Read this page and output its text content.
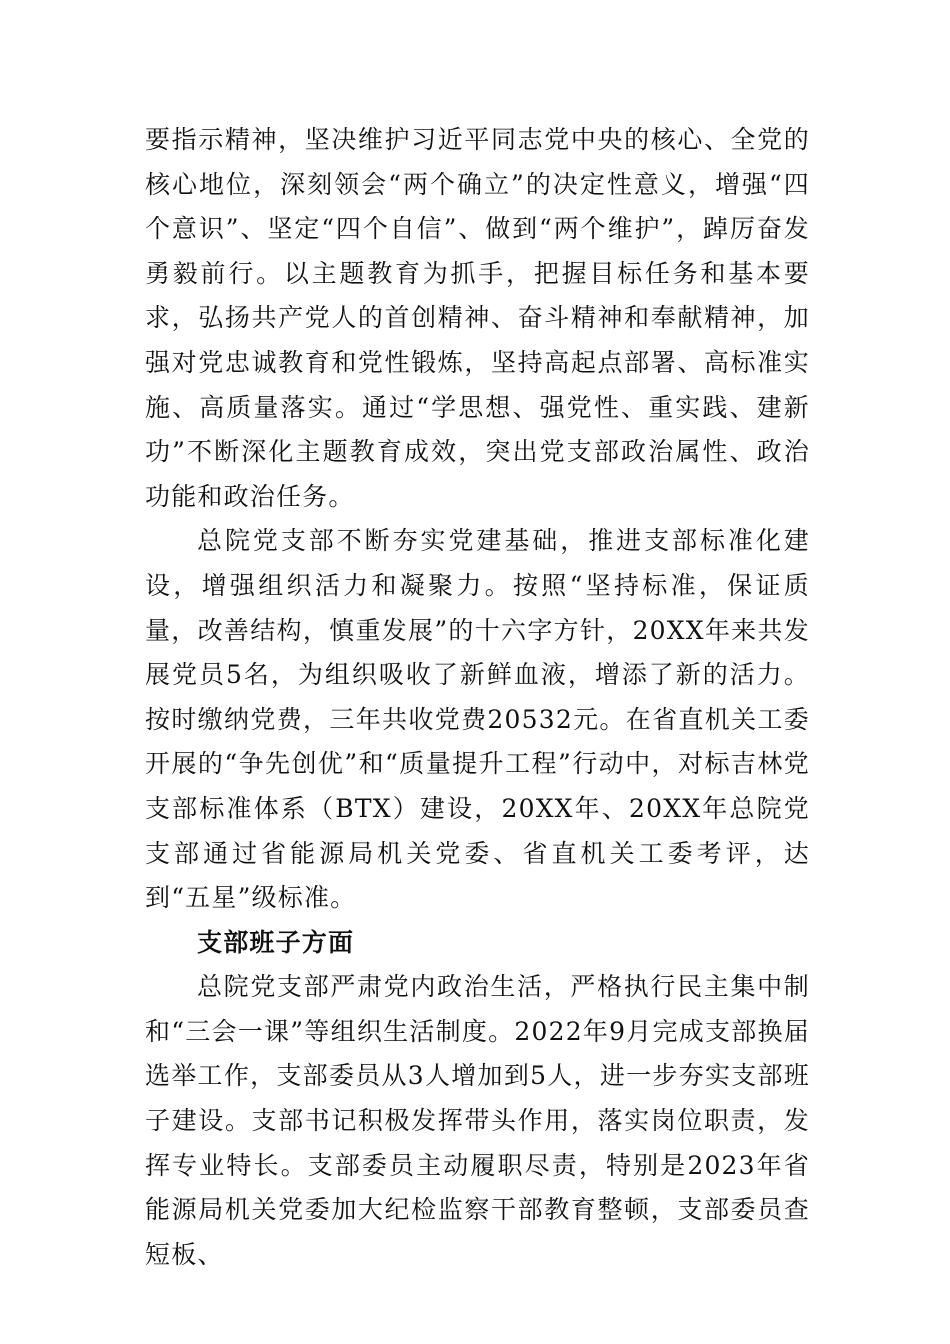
要指示精神，坚决维护习近平同志党中央的核心、全党的核心地位，深刻领会“两个确立”的决定性意义，增强“四个意识”、坚定“四个自信”、做到“两个维护”，踔厉奋发勇毅前行。以主题教育为抓手，把握目标任务和基本要求，弘扬共产党人的首创精神、奋斗精神和奉献精神，加强对党忠诚教育和党性锻炼，坚持高起点部署、高标准实施、高质量落实。通过“学思想、强党性、重实践、建新功”不断深化主题教育成效，突出党支部政治属性、政治功能和政治任务。

总院党支部不断夯实党建基础，推进支部标准化建设，增强组织活力和凝聚力。按照“坚持标准，保证质量，改善结构，慎重发展”的十六字方针，20XX年来共发展党员5名，为组织吸收了新鲜血液，增添了新的活力。按时缴纳党费，三年共收党费20532元。在省直机关工委开展的“争先创优”和“质量提升工程”行动中，对标吉林党支部标准体系（BTX）建设，20XX年、20XX年总院党支部通过省能源局机关党委、省直机关工委考评，达到“五星”级标准。

支部班子方面

总院党支部严肃党内政治生活，严格执行民主集中制和“三会一课”等组织生活制度。2022年9月完成支部换届选举工作，支部委员从3人增加到5人，进一步夯实支部班子建设。支部书记积极发挥带头作用，落实岗位职责，发挥专业特长。支部委员主动履职尽责，特别是2023年省能源局机关党委加大纪检监察干部教育整顿，支部委员查短板、
